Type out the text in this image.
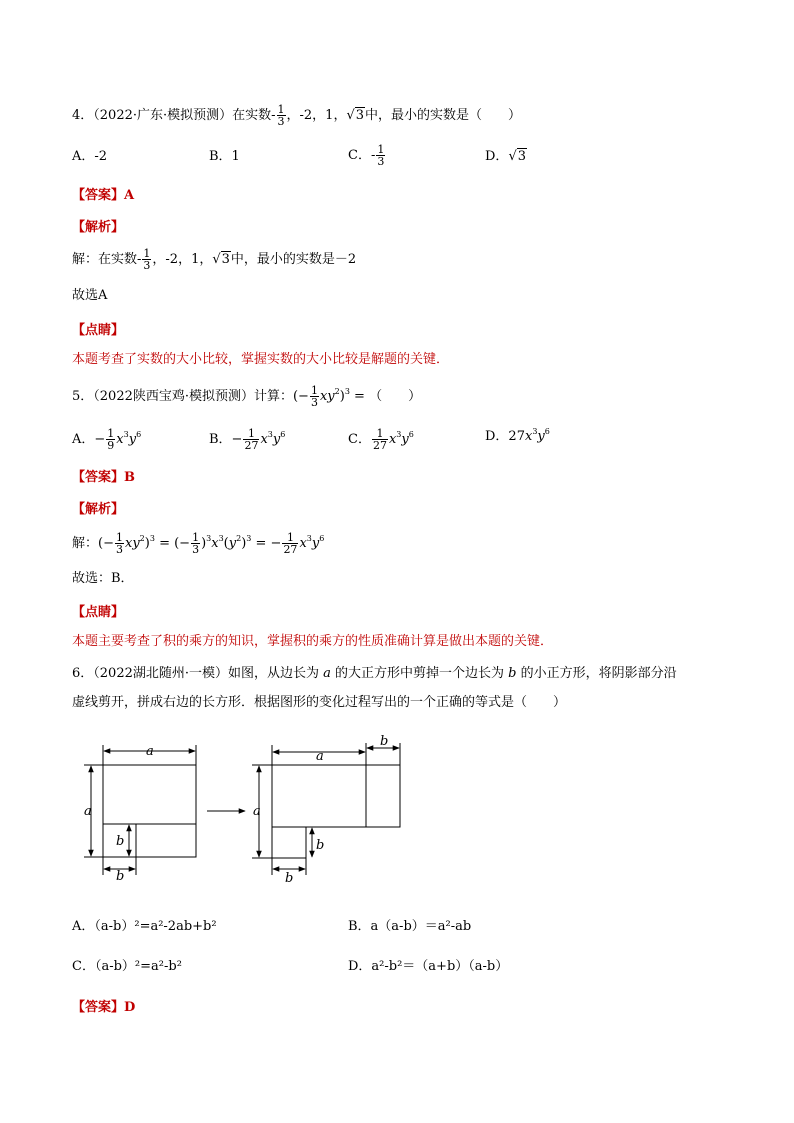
4．（2022·广东·模拟预测）在实数- $\frac{1}{3}$ ，-2，1，√3中，最小的实数是（　　）
A．-2	B．1	C．- $\frac{1}{3}$	D．√3
【答案】A
【解析】
解：在实数- $\frac{1}{3}$ ，-2，1，√3中，最小的实数是－2
故选A
【点睛】
本题考查了实数的大小比较，掌握实数的大小比较是解题的关键．
5．（2022陕西宝鸡·模拟预测）计算：(− $\frac{1}{3} xy^2)^3$ = （　　）
A．− $\frac{1}{9} x^3y^6$	B．− $\frac{1}{27} x^3y^6$	C． $\frac{1}{27} x^3y^6$	D．$27x^3y^6$
【答案】B
【解析】
解：(− $\frac{1}{3} xy^2)^3$ = (− $\frac{1}{3} )^3x^3(y^2)^3$ = − $\frac{1}{27} x^3y^6$
故选：B．
【点睛】
本题主要考查了积的乘方的知识，掌握积的乘方的性质准确计算是做出本题的关键．
6．（2022湖北随州·一模）如图，从边长为 a 的大正方形中剪掉一个边长为 b 的小正方形，将阴影部分沿
虚线剪开，拼成右边的长方形．根据图形的变化过程写出的一个正确的等式是（　　）
a
a
b
b
a
b
a
b
b
A．（a-b）²=a²-2ab+b²	B．a（a-b）＝a²-ab
C．（a-b）²=a²-b²	D．a²-b²＝（a+b）（a-b）
【答案】D
